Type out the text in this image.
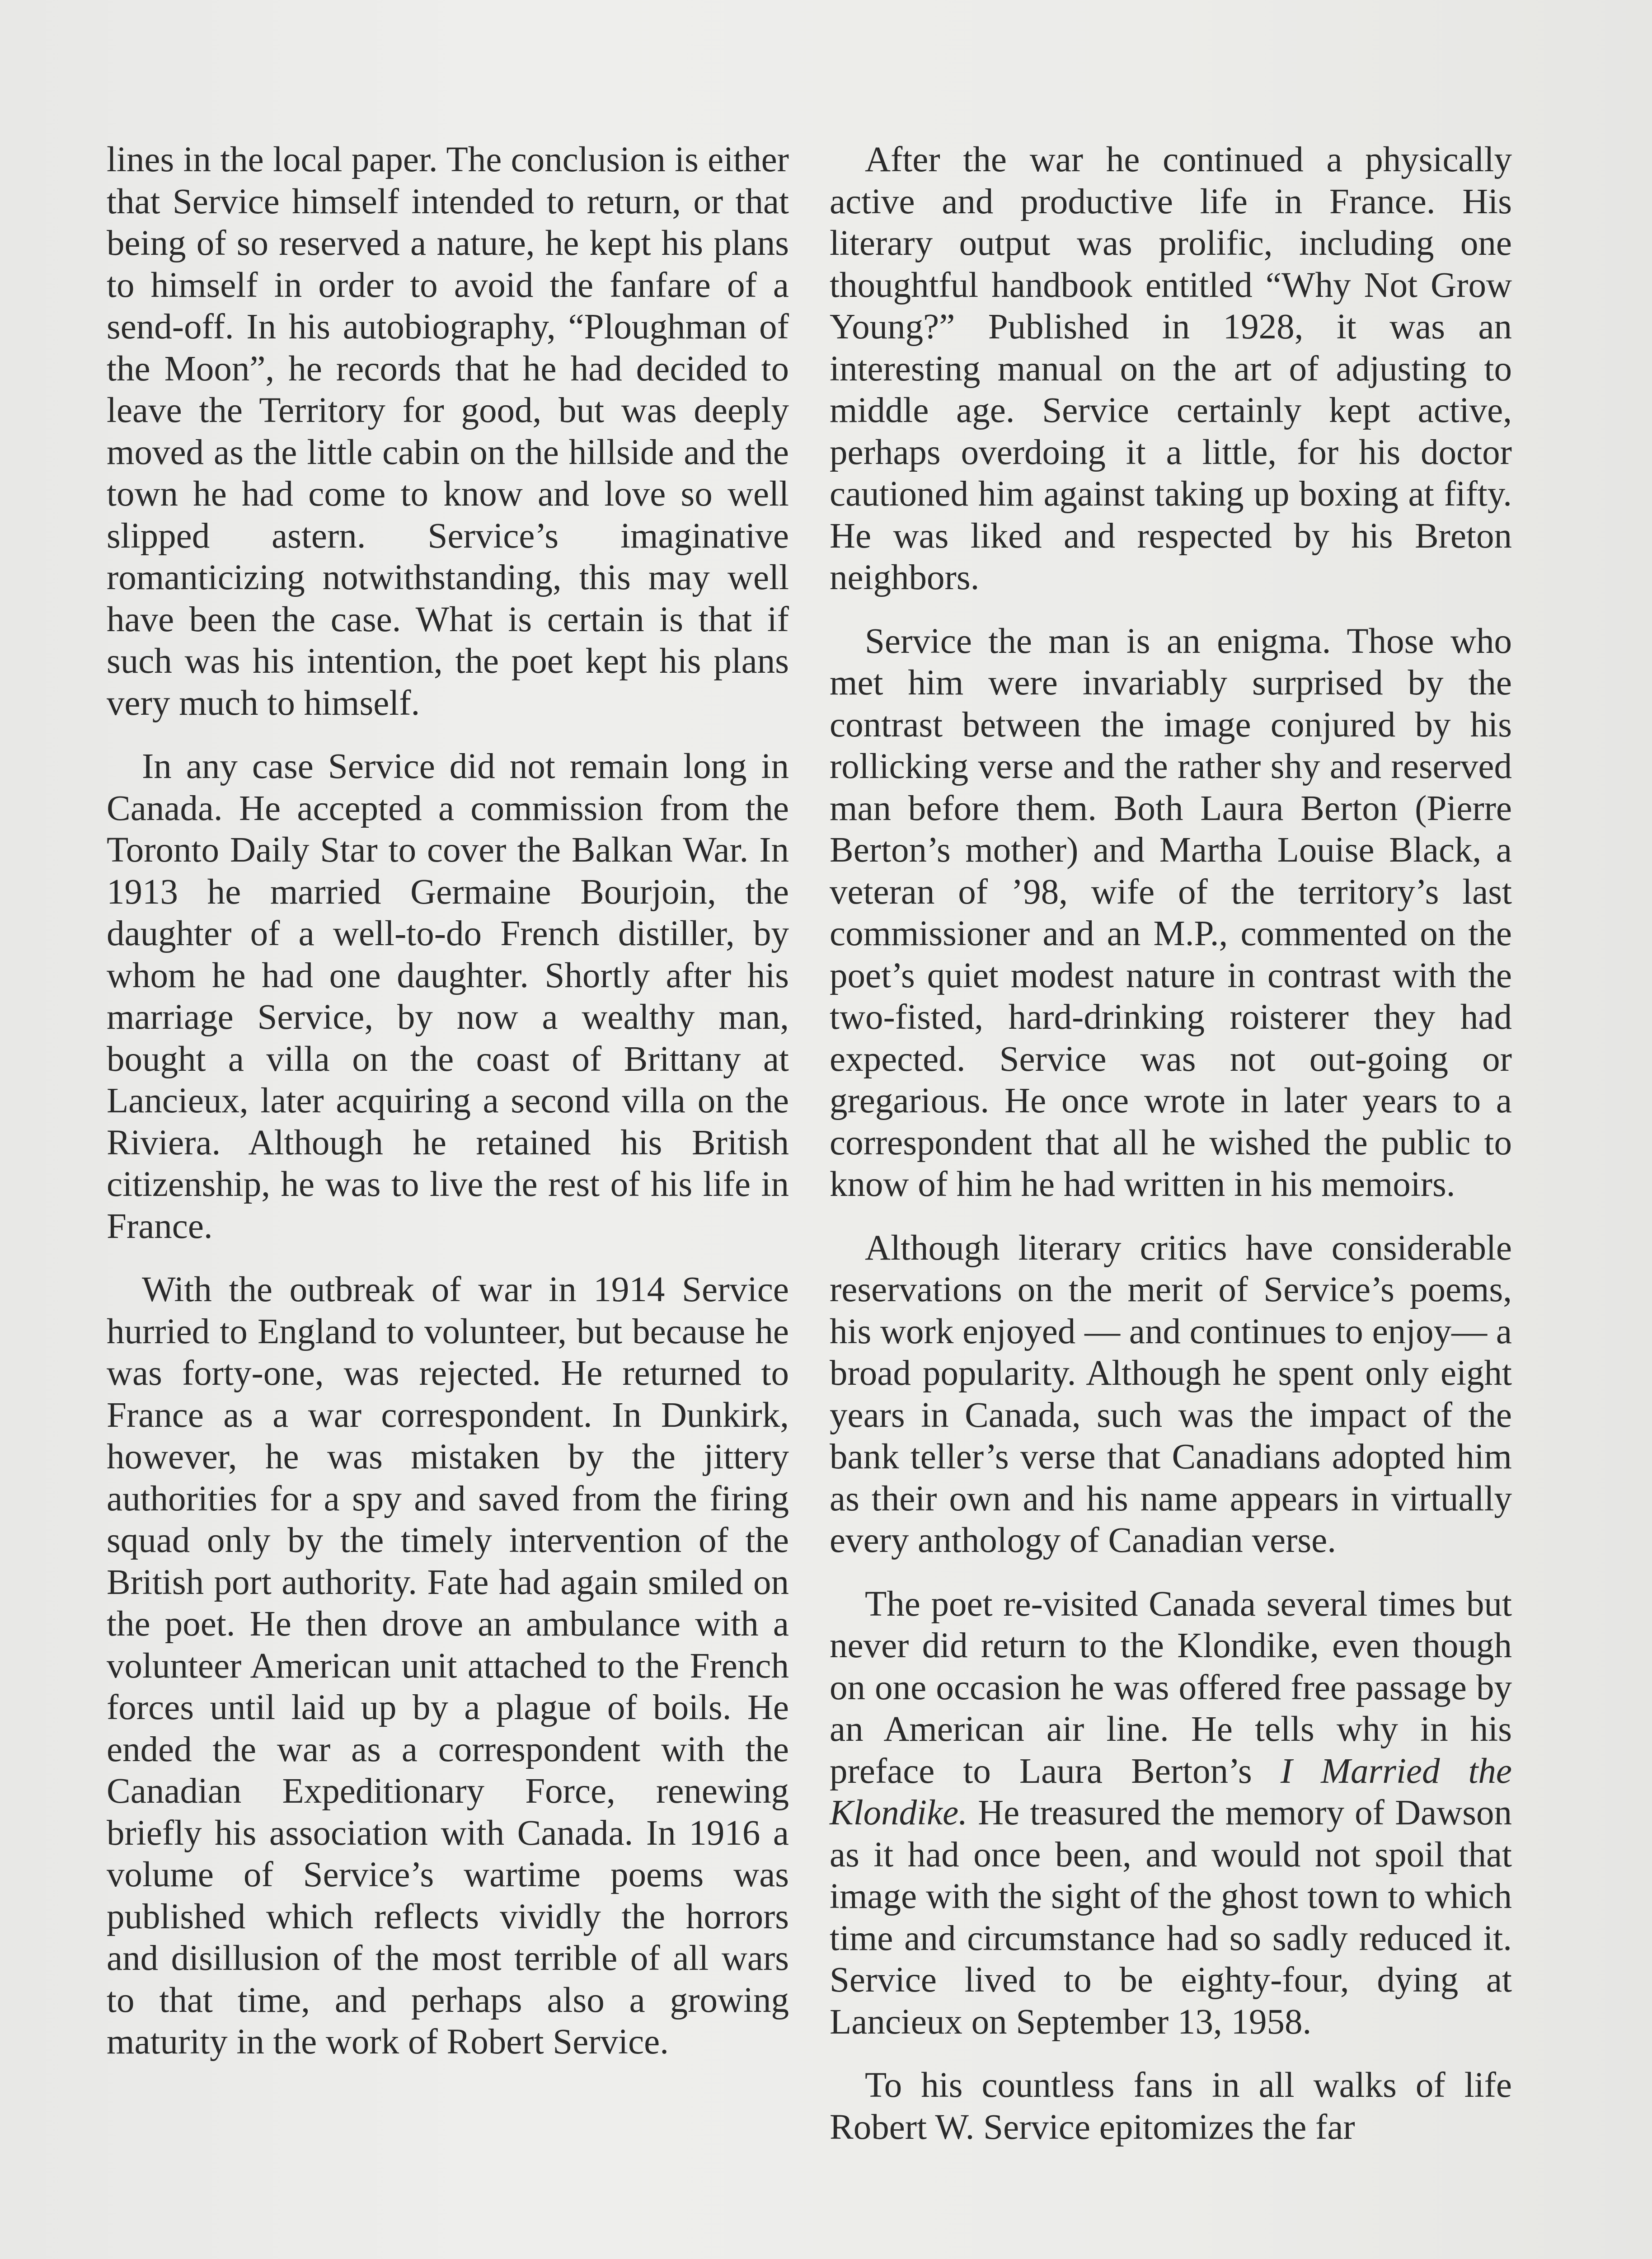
lines in the local paper. The conclusion is either that Service himself intended to return, or that being of so reserved a nature, he kept his plans to himself in order to avoid the fanfare of a send-off. In his autobiography, “Ploughman of the Moon”, he records that he had decided to leave the Territory for good, but was deeply moved as the little cabin on the hillside and the town he had come to know and love so well slipped astern. Service’s imaginative romanticizing notwithstanding, this may well have been the case. What is certain is that if such was his intention, the poet kept his plans very much to himself.

In any case Service did not remain long in Canada. He accepted a commission from the Toronto Daily Star to cover the Balkan War. In 1913 he married Germaine Bourjoin, the daughter of a well-to-do French distiller, by whom he had one daughter. Shortly after his marriage Service, by now a wealthy man, bought a villa on the coast of Brittany at Lancieux, later acquiring a second villa on the Riviera. Although he retained his British citizenship, he was to live the rest of his life in France.

With the outbreak of war in 1914 Service hurried to England to volunteer, but because he was forty-one, was rejected. He returned to France as a war correspondent. In Dunkirk, however, he was mistaken by the jittery authorities for a spy and saved from the firing squad only by the timely intervention of the British port authority. Fate had again smiled on the poet. He then drove an ambulance with a volunteer American unit attached to the French forces until laid up by a plague of boils. He ended the war as a correspondent with the Canadian Expeditionary Force, renewing briefly his association with Canada. In 1916 a volume of Service’s wartime poems was published which reflects vividly the horrors and disillusion of the most terrible of all wars to that time, and perhaps also a growing maturity in the work of Robert Service.

After the war he continued a physically active and productive life in France. His literary output was prolific, including one thoughtful handbook entitled “Why Not Grow Young?” Published in 1928, it was an interesting manual on the art of adjusting to middle age. Service certainly kept active, perhaps overdoing it a little, for his doctor cautioned him against taking up boxing at fifty. He was liked and respected by his Breton neighbors.

Service the man is an enigma. Those who met him were invariably surprised by the contrast between the image conjured by his rollicking verse and the rather shy and reserved man before them. Both Laura Berton (Pierre Berton’s mother) and Martha Louise Black, a veteran of ’98, wife of the territory’s last commissioner and an M.P., commented on the poet’s quiet modest nature in contrast with the two-fisted, hard-drinking roisterer they had expected. Service was not out-going or gregarious. He once wrote in later years to a correspondent that all he wished the public to know of him he had written in his memoirs.

Although literary critics have considerable reservations on the merit of Service’s poems, his work enjoyed — and continues to enjoy— a broad popularity. Although he spent only eight years in Canada, such was the impact of the bank teller’s verse that Canadians adopted him as their own and his name appears in virtually every anthology of Canadian verse.

The poet re-visited Canada several times but never did return to the Klondike, even though on one occasion he was offered free passage by an American air line. He tells why in his preface to Laura Berton’s I Married the Klondike. He treasured the memory of Dawson as it had once been, and would not spoil that image with the sight of the ghost town to which time and circumstance had so sadly reduced it. Service lived to be eighty-four, dying at Lancieux on September 13, 1958.

To his countless fans in all walks of life Robert W. Service epitomizes the far
